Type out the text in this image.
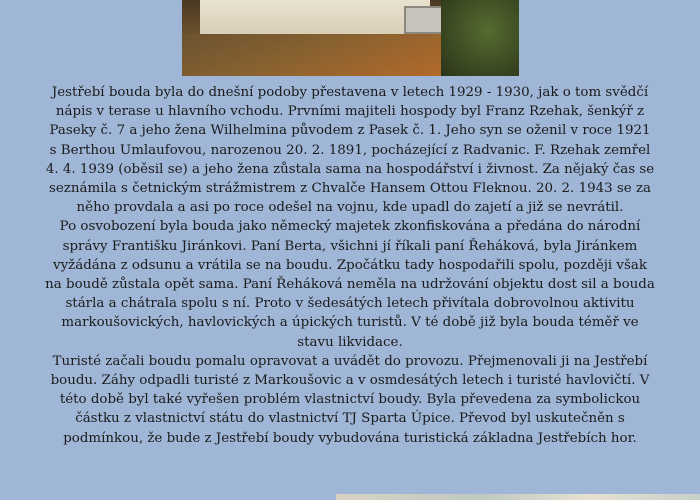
Jestřebí bouda byla do dnešní podoby přestavena v letech 1929 - 1930, jak o tom svědčí nápis v terase u hlavního vchodu. Prvními majiteli hospody byl Franz Rzehak, šenkýř z Paseky č. 7 a jeho žena Wilhelmina původem z Pasek č. 1. Jeho syn se oženil v roce 1921 s Berthou Umlaufovou, narozenou 20. 2. 1891, pocházející z Radvanic. F. Rzehak zemřel 4. 4. 1939 (oběsil se) a jeho žena zůstala sama na hospodářství i živnost. Za nějaký čas se seznámila s četnickým strážmistrem z Chvalče Hansem Ottou Fleknou. 20. 2. 1943 se za něho provdala a asi po roce odešel na vojnu, kde upadl do zajetí a již se nevrátil.

Po osvobození byla bouda jako německý majetek zkonfiskována a předána do národní správy Františku Jiránkovi. Paní Berta, všichni jí říkali paní Řeháková, byla Jiránkem vyžádána z odsunu a vrátila se na boudu. Zpočátku tady hospodařili spolu, později však na boudě zůstala opět sama. Paní Řeháková neměla na udržování objektu dost sil a bouda stárla a chátrala spolu s ní. Proto v šedesátých letech přivítala dobrovolnou aktivitu markoušovických, havlovických a úpických turistů. V té době již byla bouda téměř ve stavu likvidace.

Turisté začali boudu pomalu opravovat a uvádět do provozu. Přejmenovali ji na Jestřebí boudu. Záhy odpadli turisté z Markoušovic a v osmdesátých letech i turisté havlovičtí. V této době byl také vyřešen problém vlastnictví boudy. Byla převedena za symbolickou částku z vlastnictví státu do vlastnictví TJ Sparta Úpice. Převod byl uskutečněn s podmínkou, že bude z Jestřebí boudy vybudována turistická základna Jestřebích hor.
